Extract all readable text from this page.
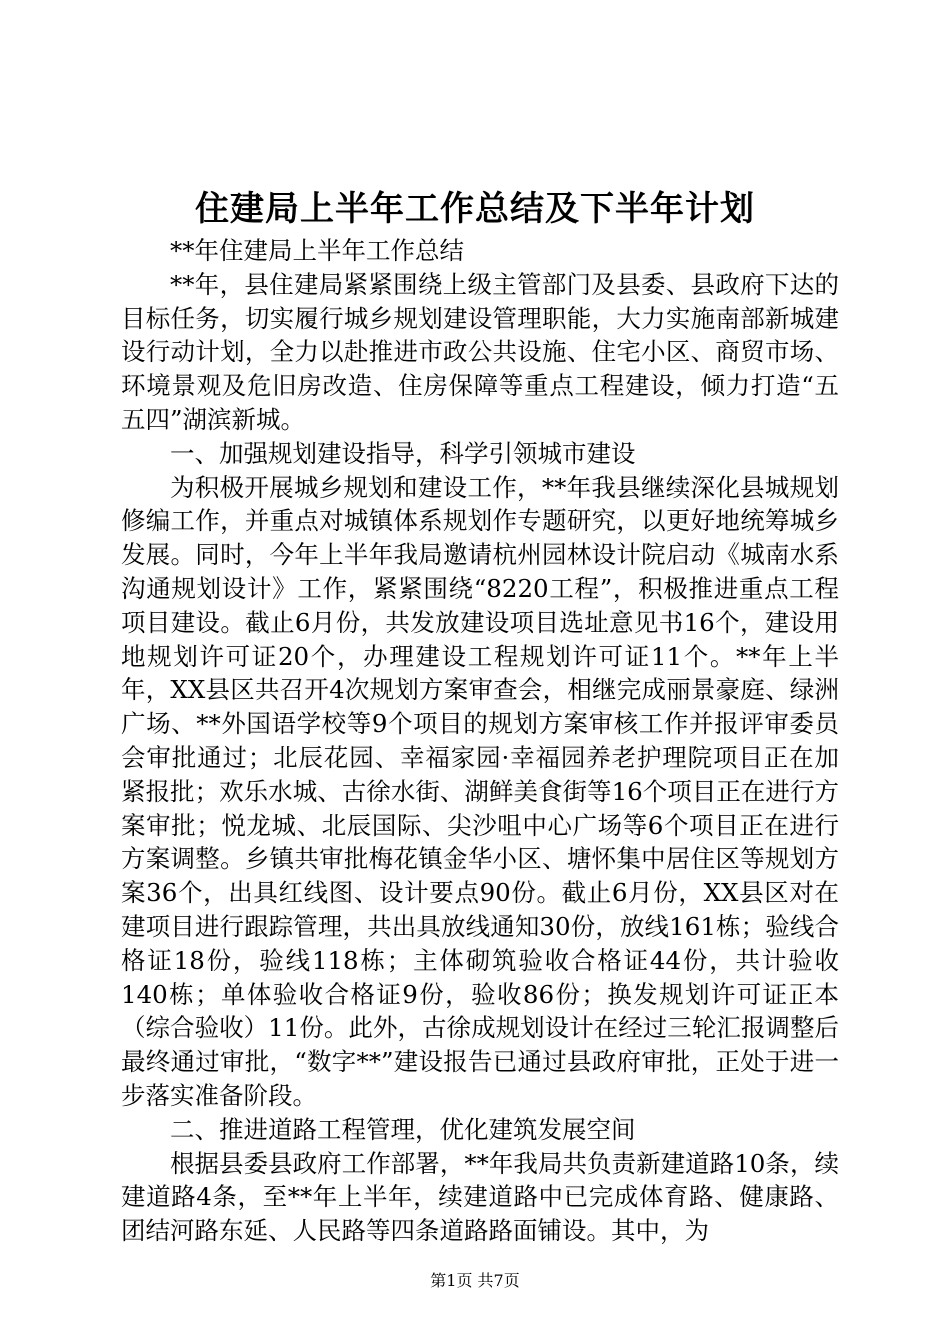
住建局上半年工作总结及下半年计划

**年住建局上半年工作总结

**年，县住建局紧紧围绕上级主管部门及县委、县政府下达的目标任务，切实履行城乡规划建设管理职能，大力实施南部新城建设行动计划，全力以赴推进市政公共设施、住宅小区、商贸市场、环境景观及危旧房改造、住房保障等重点工程建设，倾力打造“五五四”湖滨新城。

一、加强规划建设指导，科学引领城市建设

为积极开展城乡规划和建设工作，**年我县继续深化县城规划修编工作，并重点对城镇体系规划作专题研究，以更好地统筹城乡发展。同时，今年上半年我局邀请杭州园林设计院启动《城南水系沟通规划设计》工作，紧紧围绕“8220工程”，积极推进重点工程项目建设。截止6月份，共发放建设项目选址意见书16个，建设用地规划许可证20个，办理建设工程规划许可证11个。**年上半年，XX县区共召开4次规划方案审查会，相继完成丽景豪庭、绿洲广场、**外国语学校等9个项目的规划方案审核工作并报评审委员会审批通过；北辰花园、幸福家园·幸福园养老护理院项目正在加紧报批；欢乐水城、古徐水街、湖鲜美食街等16个项目正在进行方案审批；悦龙城、北辰国际、尖沙咀中心广场等6个项目正在进行方案调整。乡镇共审批梅花镇金华小区、塘怀集中居住区等规划方案36个，出具红线图、设计要点90份。截止6月份，XX县区对在建项目进行跟踪管理，共出具放线通知30份，放线161栋；验线合格证18份，验线118栋；主体砌筑验收合格证44份，共计验收140栋；单体验收合格证9份，验收86份；换发规划许可证正本（综合验收）11份。此外，古徐成规划设计在经过三轮汇报调整后最终通过审批，“数字**”建设报告已通过县政府审批，正处于进一步落实准备阶段。

二、推进道路工程管理，优化建筑发展空间

根据县委县政府工作部署，**年我局共负责新建道路10条，续建道路4条，至**年上半年，续建道路中已完成体育路、健康路、团结河路东延、人民路等四条道路路面铺设。其中，为

第1页 共7页
